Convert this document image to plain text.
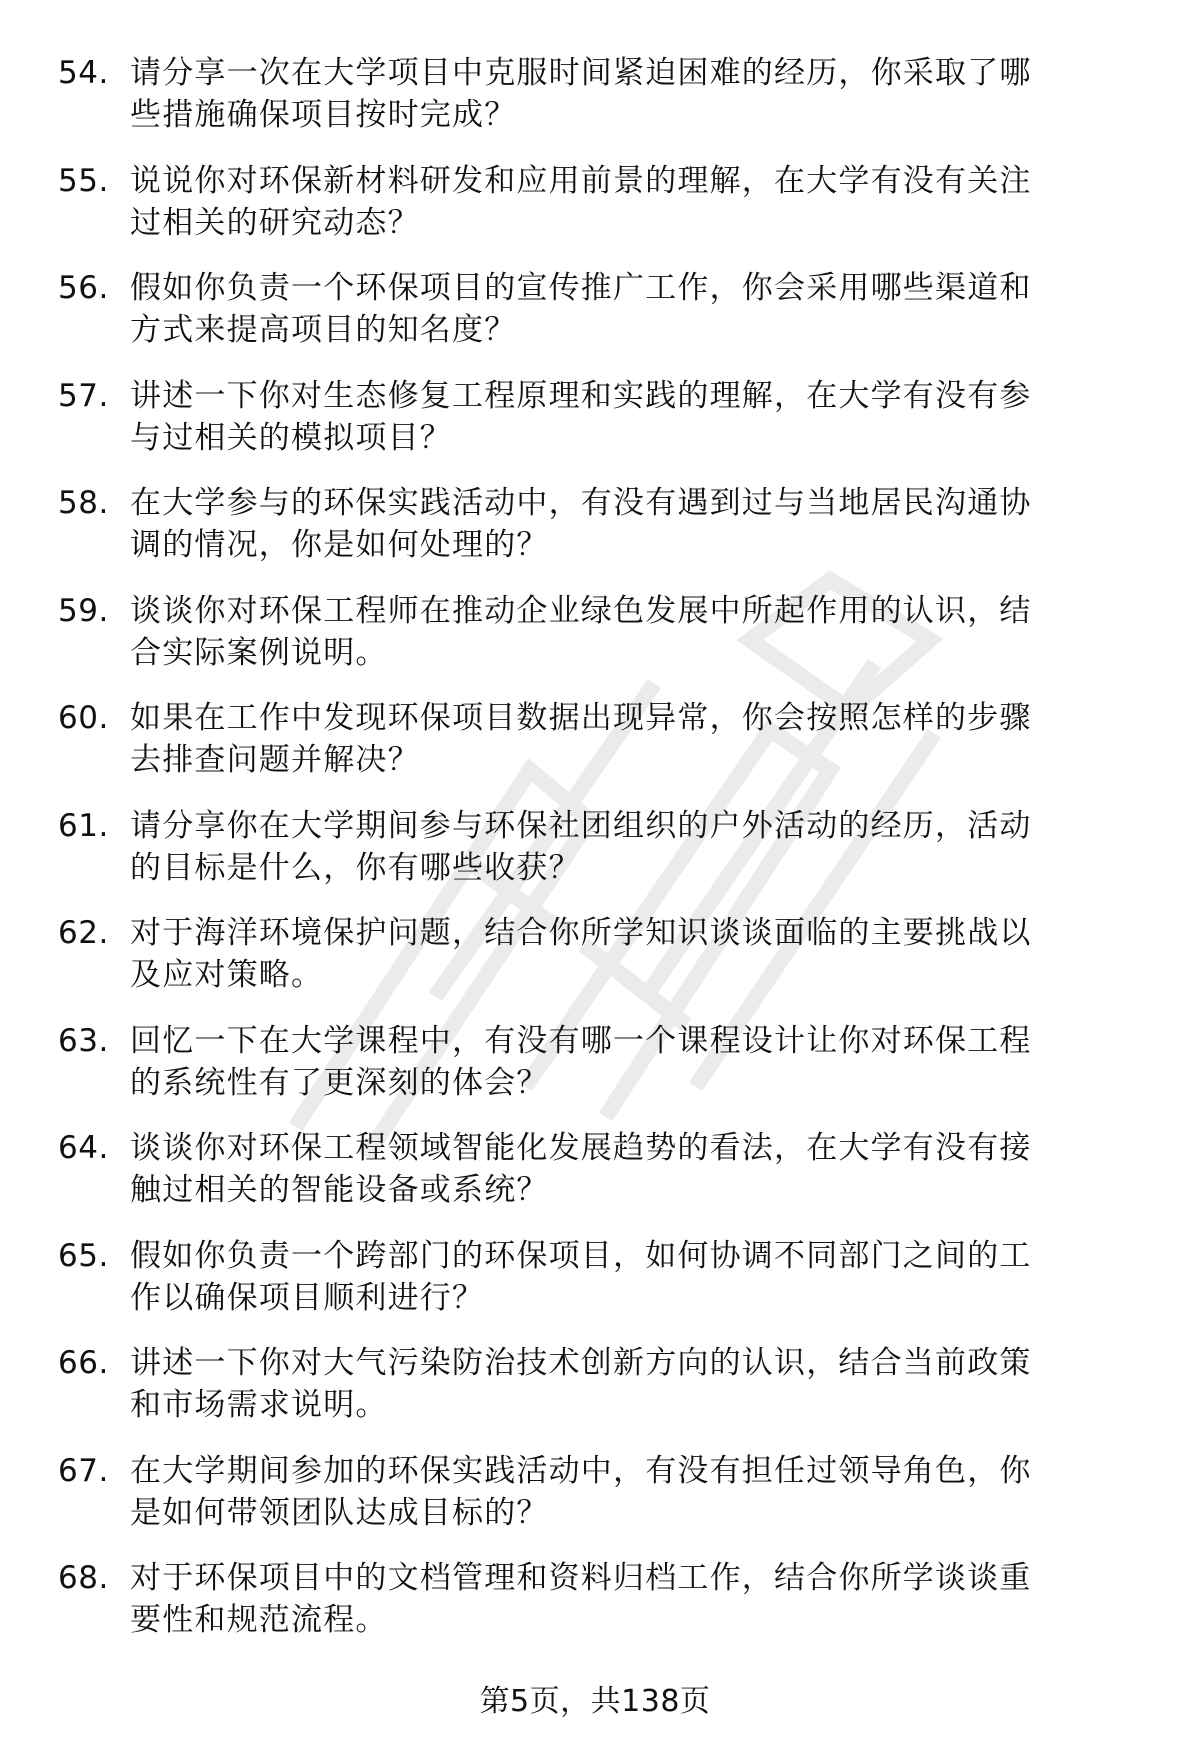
54. 请分享一次在大学项目中克服时间紧迫困难的经历，你采取了哪
些措施确保项目按时完成？
55. 说说你对环保新材料研发和应用前景的理解，在大学有没有关注
过相关的研究动态？
56. 假如你负责一个环保项目的宣传推广工作，你会采用哪些渠道和
方式来提高项目的知名度？
57. 讲述一下你对生态修复工程原理和实践的理解，在大学有没有参
与过相关的模拟项目？
58. 在大学参与的环保实践活动中，有没有遇到过与当地居民沟通协
调的情况，你是如何处理的？
59. 谈谈你对环保工程师在推动企业绿色发展中所起作用的认识，结
合实际案例说明。
60. 如果在工作中发现环保项目数据出现异常，你会按照怎样的步骤
去排查问题并解决？
61. 请分享你在大学期间参与环保社团组织的户外活动的经历，活动
的目标是什么，你有哪些收获？
62. 对于海洋环境保护问题，结合你所学知识谈谈面临的主要挑战以
及应对策略。
63. 回忆一下在大学课程中，有没有哪一个课程设计让你对环保工程
的系统性有了更深刻的体会？
64. 谈谈你对环保工程领域智能化发展趋势的看法，在大学有没有接
触过相关的智能设备或系统？
65. 假如你负责一个跨部门的环保项目，如何协调不同部门之间的工
作以确保项目顺利进行？
66. 讲述一下你对大气污染防治技术创新方向的认识，结合当前政策
和市场需求说明。
67. 在大学期间参加的环保实践活动中，有没有担任过领导角色，你
是如何带领团队达成目标的？
68. 对于环保项目中的文档管理和资料归档工作，结合你所学谈谈重
要性和规范流程。
第5页，共138页
